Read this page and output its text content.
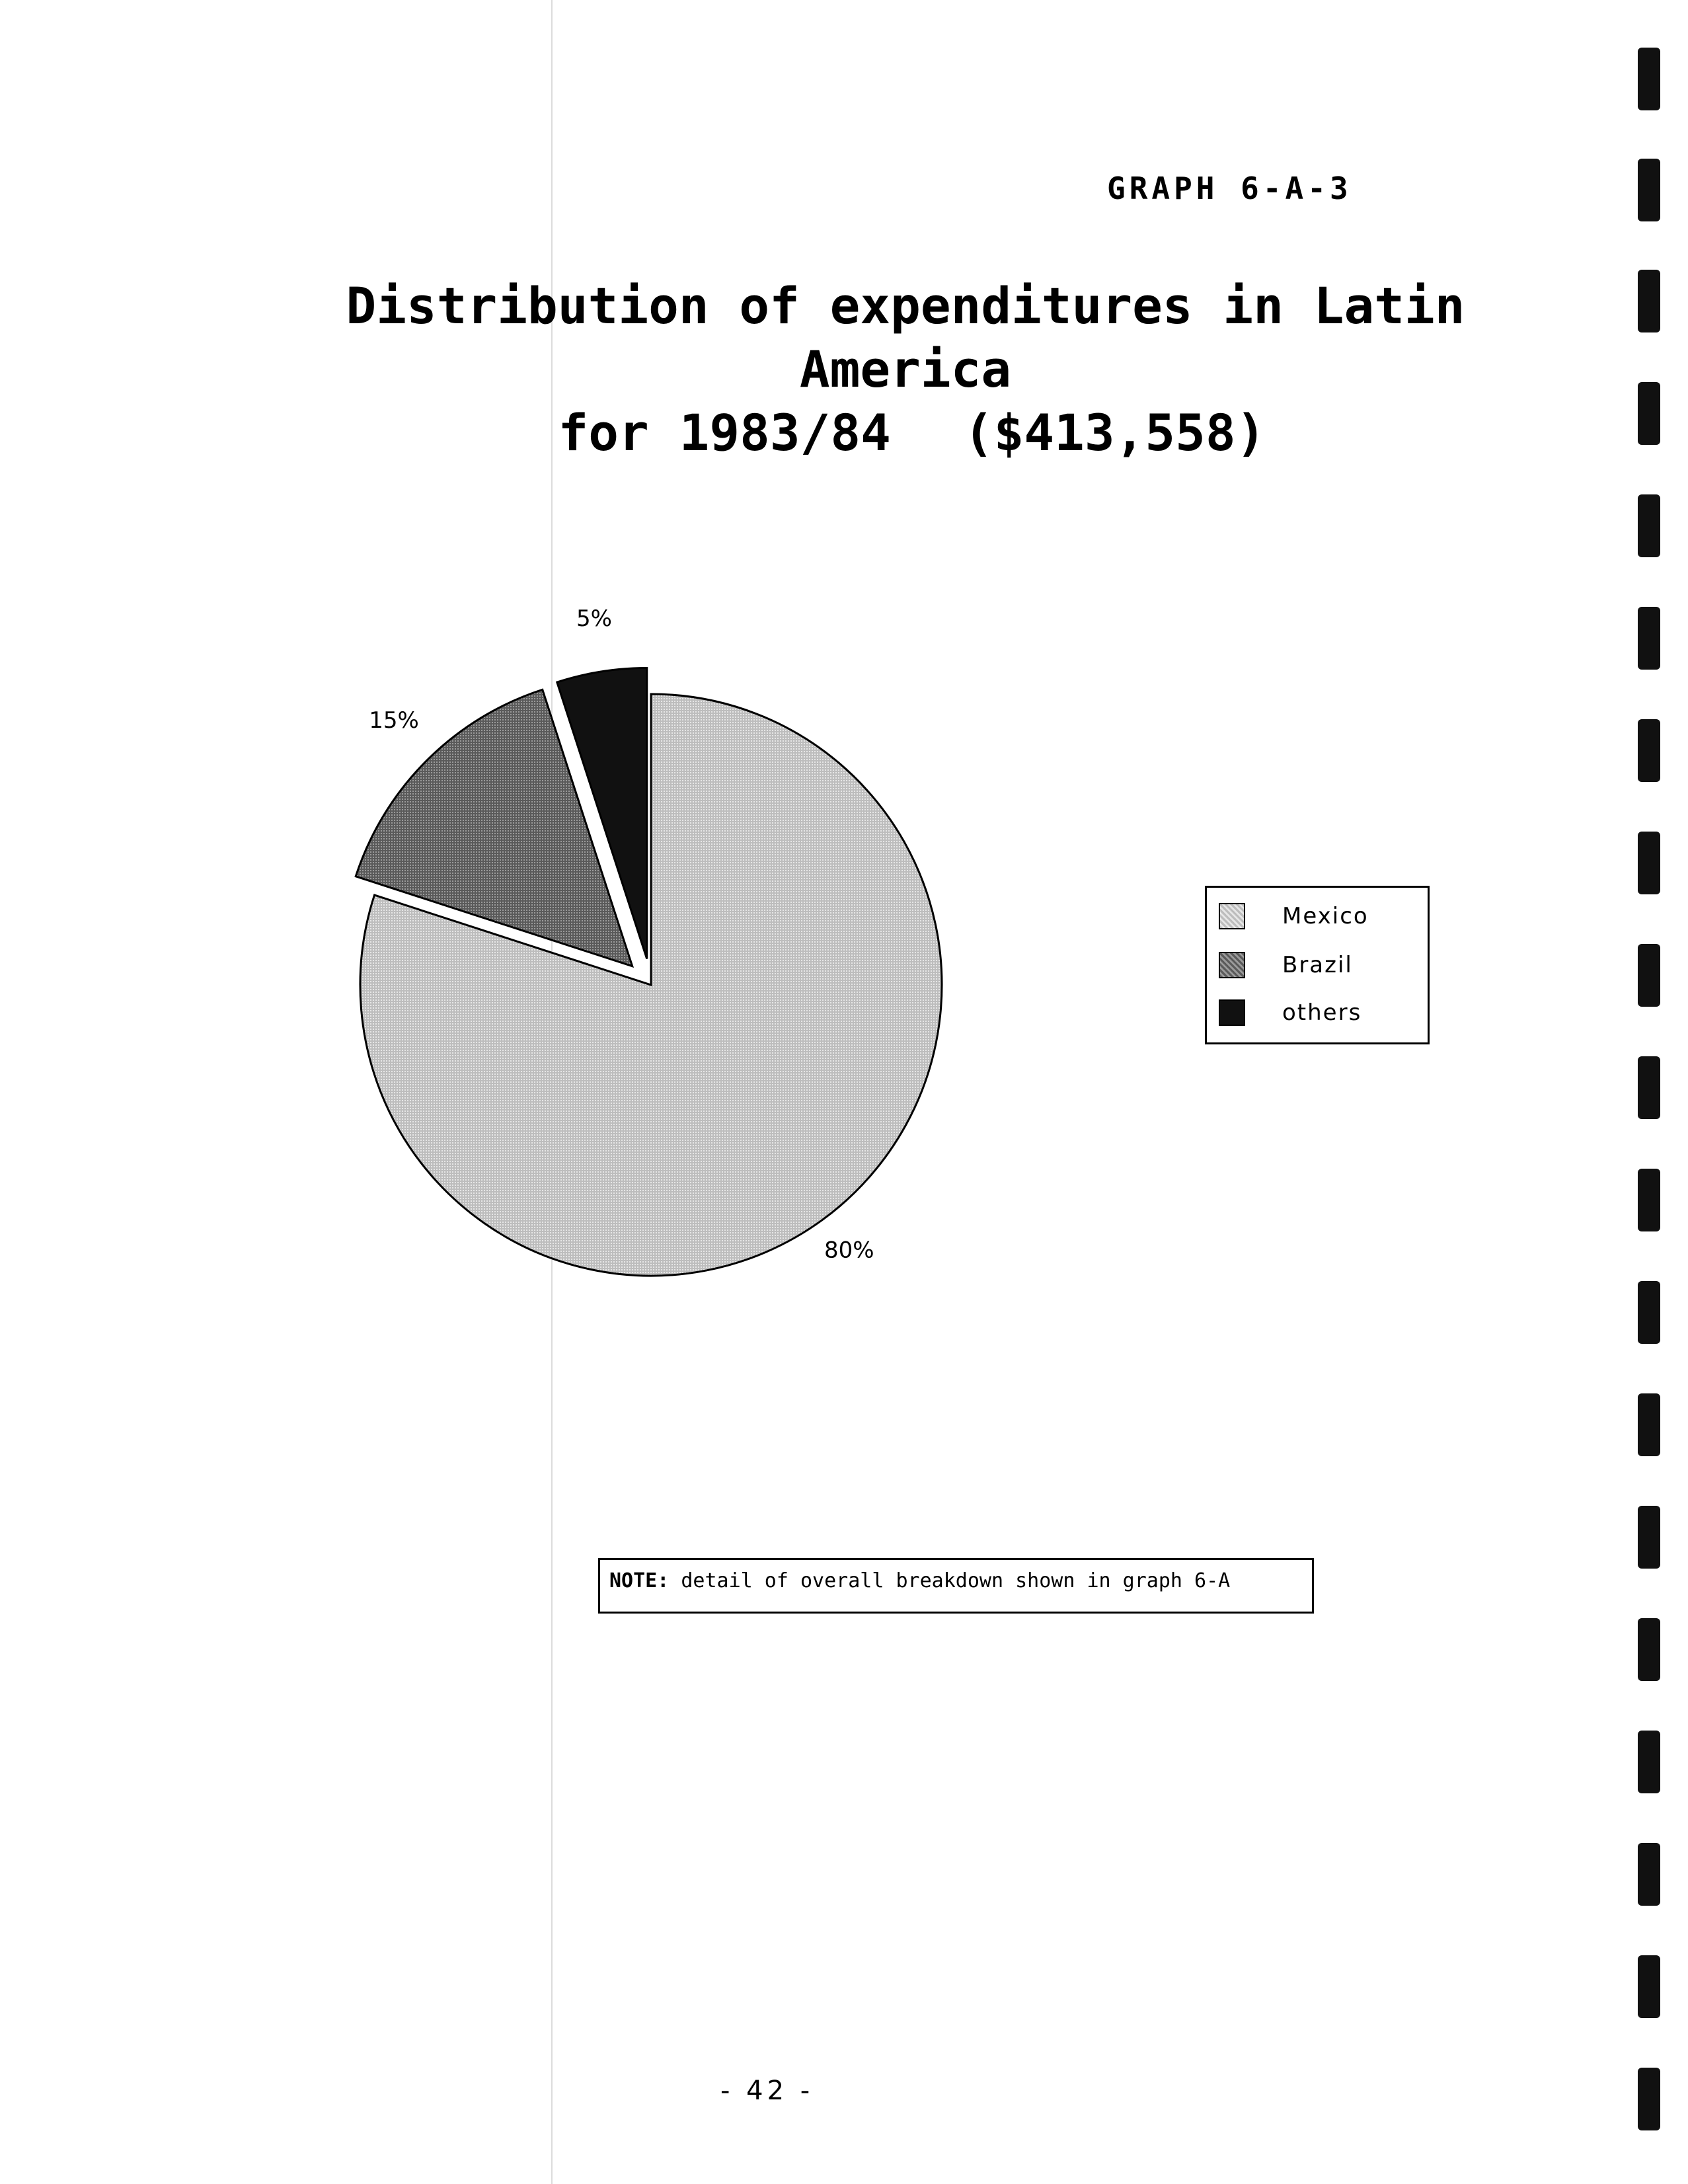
GRAPH 6-A-3
Distribution of expenditures in Latin America
for 1983/84 ($413,558)
80%
15%
5%
Mexico
Brazil
others
NOTE: detail of overall breakdown shown in graph 6-A
- 42 -
